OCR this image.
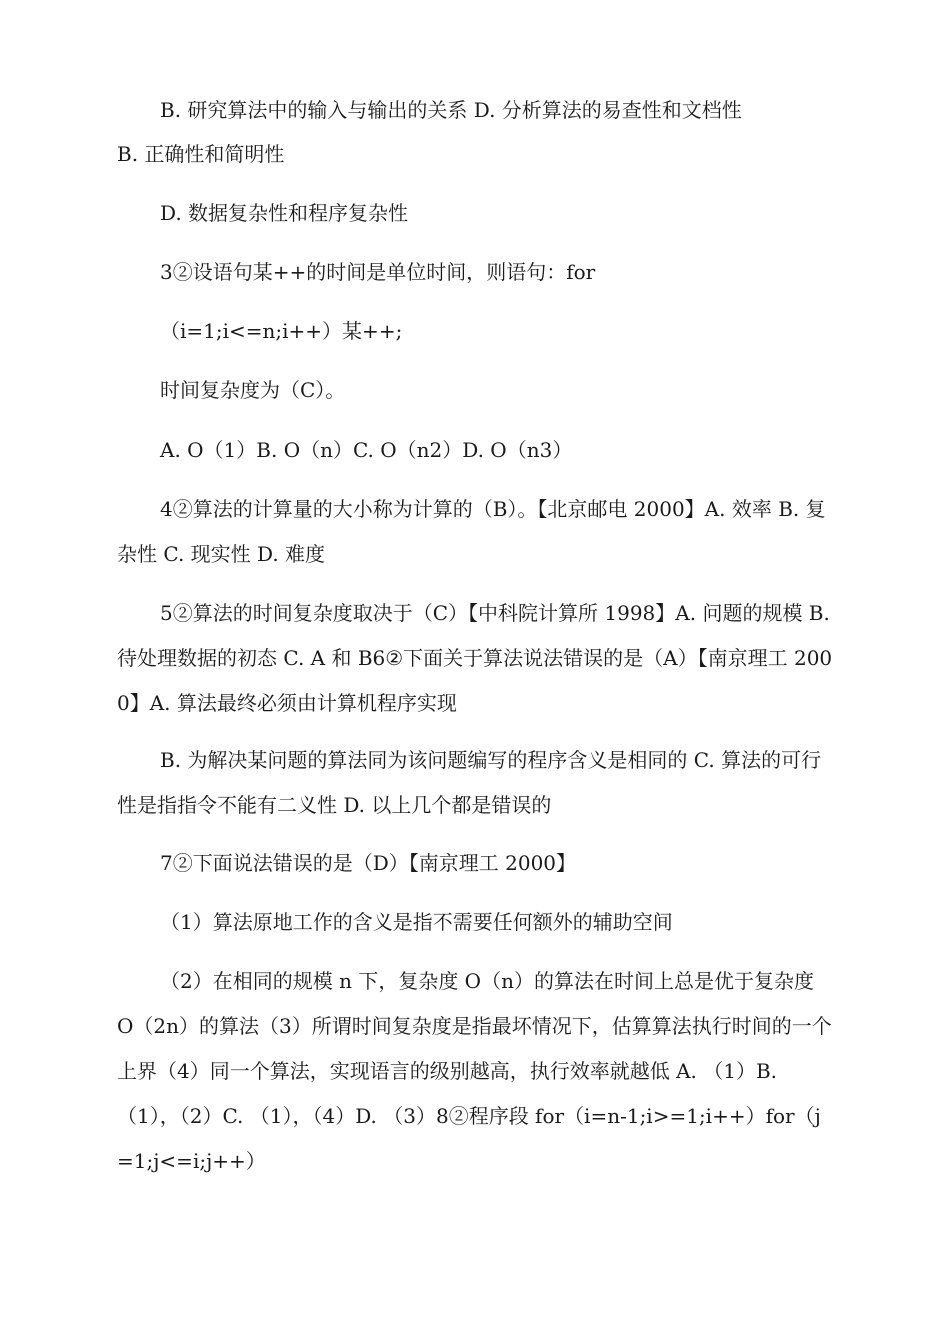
B. 研究算法中的输入与输出的关系 D. 分析算法的易查性和文档性

B. 正确性和简明性

D. 数据复杂性和程序复杂性

3②设语句某++的时间是单位时间，则语句：for

（i=1;i<=n;i++）某++;

时间复杂度为（C）。

A. O（1）B. O（n）C. O（n2）D. O（n3）

4②算法的计算量的大小称为计算的（B）。【北京邮电 2000】A. 效率 B. 复杂性 C. 现实性 D. 难度

5②算法的时间复杂度取决于（C）【中科院计算所 1998】A. 问题的规模 B. 待处理数据的初态 C. A 和 B6②下面关于算法说法错误的是（A）【南京理工 2000】A. 算法最终必须由计算机程序实现

B. 为解决某问题的算法同为该问题编写的程序含义是相同的 C. 算法的可行性是指指令不能有二义性 D. 以上几个都是错误的

7②下面说法错误的是（D）【南京理工 2000】

（1）算法原地工作的含义是指不需要任何额外的辅助空间

（2）在相同的规模 n 下，复杂度 O（n）的算法在时间上总是优于复杂度 O（2n）的算法（3）所谓时间复杂度是指最坏情况下，估算算法执行时间的一个上界（4）同一个算法，实现语言的级别越高，执行效率就越低 A. （1）B. （1），（2）C. （1），（4）D. （3）8②程序段 for（i=n-1;i>=1;i++）for（j=1;j<=i;j++）
